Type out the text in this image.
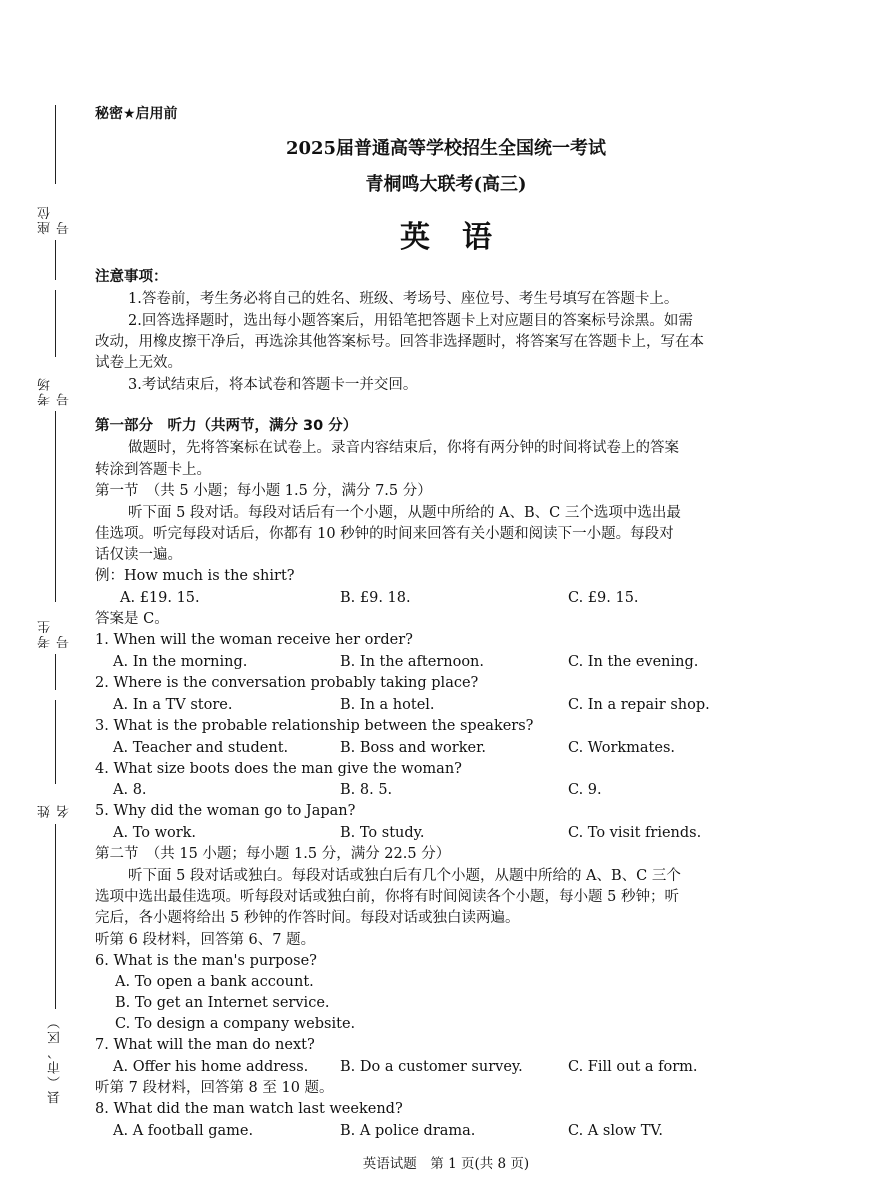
座位号
考场号
考生号
姓名
县（市、区）
秘密★启用前
2025届普通高等学校招生全国统一考试
青桐鸣大联考(高三)
英语
注意事项：
1.答卷前，考生务必将自己的姓名、班级、考场号、座位号、考生号填写在答题卡上。
2.回答选择题时，选出每小题答案后，用铅笔把答题卡上对应题目的答案标号涂黑。如需
改动，用橡皮擦干净后，再选涂其他答案标号。回答非选择题时，将答案写在答题卡上，写在本
试卷上无效。
3.考试结束后，将本试卷和答题卡一并交回。
第一部分　听力（共两节，满分 30 分）
做题时，先将答案标在试卷上。录音内容结束后，你将有两分钟的时间将试卷上的答案
转涂到答题卡上。
第一节　（共 5 小题；每小题 1.5 分，满分 7.5 分）
听下面 5 段对话。每段对话后有一个小题，从题中所给的 A、B、C 三个选项中选出最
佳选项。听完每段对话后，你都有 10 秒钟的时间来回答有关小题和阅读下一小题。每段对
话仅读一遍。
例：How much is the shirt?
A. £19. 15.	B. £9. 18.	C. £9. 15.
答案是 C。
1. When will the woman receive her order?
A. In the morning.	B. In the afternoon.	C. In the evening.
2. Where is the conversation probably taking place?
A. In a TV store.	B. In a hotel.	C. In a repair shop.
3. What is the probable relationship between the speakers?
A. Teacher and student.	B. Boss and worker.	C. Workmates.
4. What size boots does the man give the woman?
A. 8.	B. 8. 5.	C. 9.
5. Why did the woman go to Japan?
A. To work.	B. To study.	C. To visit friends.
第二节　（共 15 小题；每小题 1.5 分，满分 22.5 分）
听下面 5 段对话或独白。每段对话或独白后有几个小题，从题中所给的 A、B、C 三个
选项中选出最佳选项。听每段对话或独白前，你将有时间阅读各个小题，每小题 5 秒钟；听
完后，各小题将给出 5 秒钟的作答时间。每段对话或独白读两遍。
听第 6 段材料，回答第 6、7 题。
6. What is the man's purpose?
A. To open a bank account.
B. To get an Internet service.
C. To design a company website.
7. What will the man do next?
A. Offer his home address. B. Do a customer survey.	C. Fill out a form.
听第 7 段材料，回答第 8 至 10 题。
8. What did the man watch last weekend?
A. A football game.	B. A police drama.	C. A slow TV.
英语试题　第 1 页(共 8 页)
